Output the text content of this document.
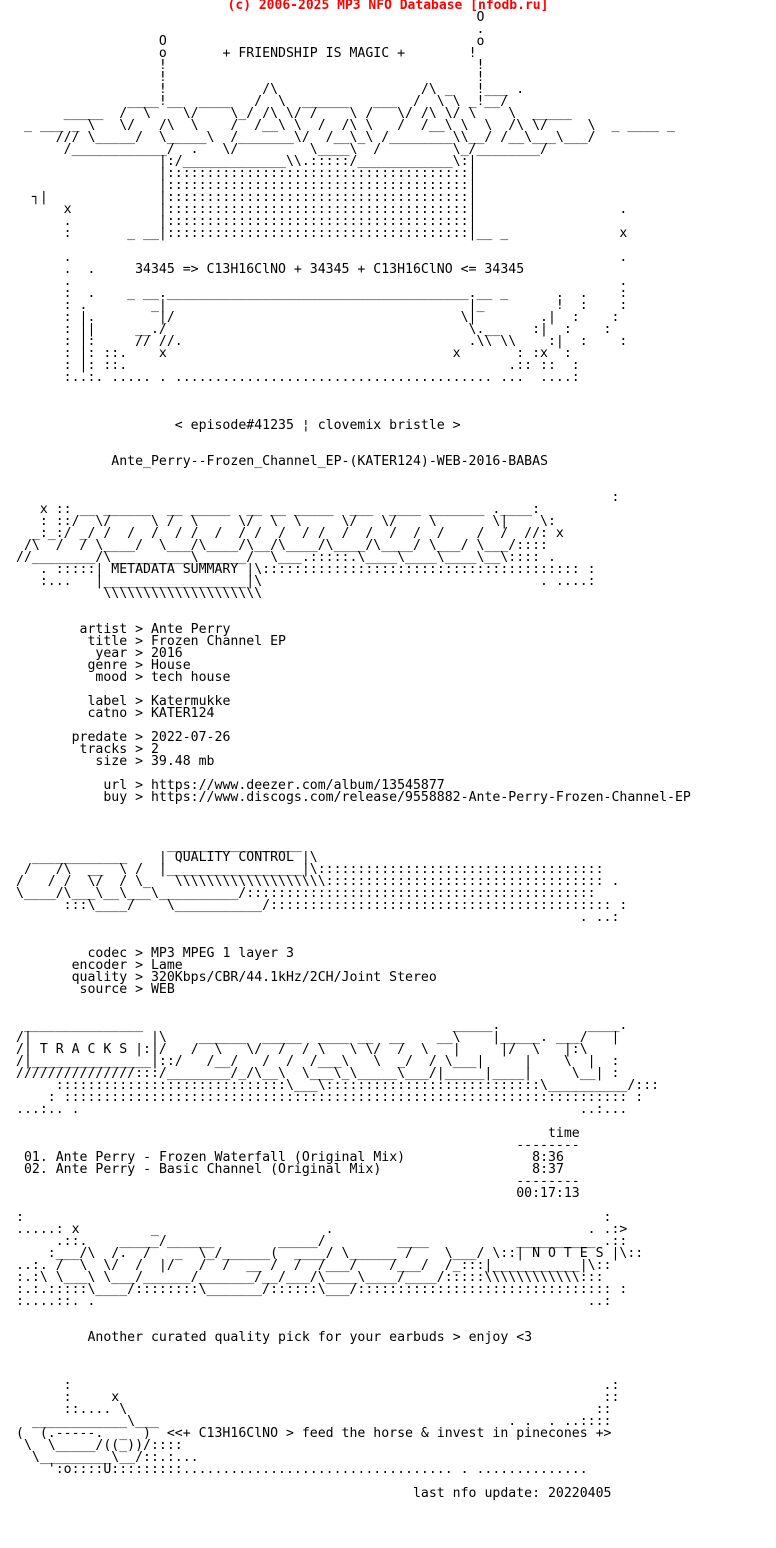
(c) 2006-2025 MP3 NFO Database [nfodb.ru]
O
.
O                                       o
o       + FRIENDSHIP IS MAGIC +        !
!                                       !
!                                       !
!            /\                  /\ _   !___ .
____!__  ____   /  \  ______   ___  /  \ \ _!__/
_____  /  \    \/    \_/ /\ \/ /    \ /   \/ /\ \/ \    \  _____
_ ___ _ \   \/   /\  \    /  /__\ \  /  /\ \   /  /__\ \  \  /\ \/     \  _ ____ _
/// \_____/  \_____\  /_______\/  /__\_\ /________\\__/ /__\___\___/
/____________/  .   \/         \____\  /         \_/________/
|:/_____________\\.:::::/____________\:|
|::::::::::::::::::::::::::::::::::::::|
|::::::::::::::::::::::::::::::::::::::|
┐|              |::::::::::::::::::::::::::::::::::::::|
x           |::::::::::::::::::::::::::::::::::::::|                  .
.           |::::::::::::::::::::::::::::::::::::::|
:       _ __|::::::::::::::::::::::::::::::::::::::|__ _              x
.                                                                     .
.  .     34345 => C13H16ClNO + 34345 + C13H16ClNO <= 34345
.                                                                     .
:  .    _ __.______________________________________.__ _      .  .    :
: .        _|                                      |_         !  :    :
: |.        |/                                    \|        .|  :    :
: ||     __./                                      \.__    :|  :    :
: |:     // //.                                    .\\ \\    :|  :    :
: |: ::.    x                                    x       : :x  :
: |: ::.                                                .:: ::  :
:..:. ..... . ........................................ ...  ....:
< episode#41235 ¦ clovemix bristle >
Ante_Perry--Frozen_Channel_EP-(KATER124)-WEB-2016-BABAS
:
x :: __ ______  __ _____  __ __ _____  ___  ____ _______ .____:
: ::/  \/     \ /  \     \/  \  \     \/   \/    \       \|    \:
_:_:/ _/ /  /  /  / /  /  / /  /  / /  /  /  /  /  /    /  /  //: x
/\  /  / \____/  \___/\____/\__/\____/\____/\____/ \___/ \___/::::
//________/\__________\______/  \___.:::::.\____\____\____\__\:::: .
. :::::| METADATA SUMMARY |\:::::::::::::::::::::::::::::::::::::::: :
:...   |__________________|\                                   . ....:
\\\\\\\\\\\\\\\\\\\\
artist > Ante Perry
title > Frozen Channel EP
year > 2016
genre > House
mood > tech house
label > Katermukke
catno > KATER124
predate > 2022-07-26
tracks > 2
size > 39.48 mb
url > https://www.deezer.com/album/13545877
buy > https://www.discogs.com/release/9558882-Ante-Perry-Frozen-Channel-EP
_________________
____________    | QUALITY CONTROL |\
/   /\  __  \ /  |_________________|\::::::::::::::::::::::::::::::::::::
/   / /  \/  / \_   \\\\\\\\\\\\\\\\\\\::::::::::::::::::::::::::::::::::: .
\____/\___\__\___\__________/::::::::::::::::::::::::::::::::::::::::::::
:::\____/    \___________/::::::::::::::::::::::::::::::::::::::::::: :
. ..:
codec > MP3 MPEG 1 layer 3
encoder > Lame
quality > 320Kbps/CBR/44.1kHz/2CH/Joint Stereo
source > WEB
_______________                                       _____.           ____.
/|               |\    ______  _____  ____ __  __    __\    |_____. ___/   |
/| T R A C K S |:|/   /  \   \/  /  / \   \ \/  /  \   |     |/  \   |:\
/|_______________|::/   /__/   /  /  /___\   \  _/  / \___|     |    \  |  :
///////////////:::/________/_/\__\  \___\_\_____\___/|_____|____|     \__| :
:::::::::::::::::::::::::::::\___\:::::::::::::::::::::::::::\__________/:::
: ::::::::::::::::::::::::::::::::::::::::::::::::::::::::::::::::::::::: :
...:.. .                                                               ..:...
time
--------
01. Ante Perry - Frozen Waterfall (Original Mix)	8:36
02. Ante Perry - Basic Channel (Original Mix)	8:37
--------
00:17:13
:                                                                         :
.....: x         _                     .                                . .:>
.::.    _____/______        _____/         ____           __________ .::
:___/\  /.  /   _  \_/______(  ____/ \______ /    \___/ \::| N O T E S |\::
..:. /  \  \/  /  |/   /  /  __ /  /  /___/    /___/  /_:::|___________|\::
:.:\ \___\ \___/______/_______/__/___/\____\____/____/:::::\\\\\\\\\\\\:::
:.:.:::::\____/::::::::\_______/::::::\___/:::::::::::::::::::::::::::::::: :
:....::. .                                                              ..:
Another curated quality pick for your earbuds > enjoy <3
:                                                                   .:
:     x                                                             ::
::.... \                                                           ::
____________\___                                            . .  . ..::::
(  (.-----.  _  )  <<+ C13H16ClNO > feed the horse & invest in pinecones +>
\  \_____/((_))/::::
\_________\__/::.:...
':o::::U:::::::::.................................. . ..............
last nfo update: 20220405
